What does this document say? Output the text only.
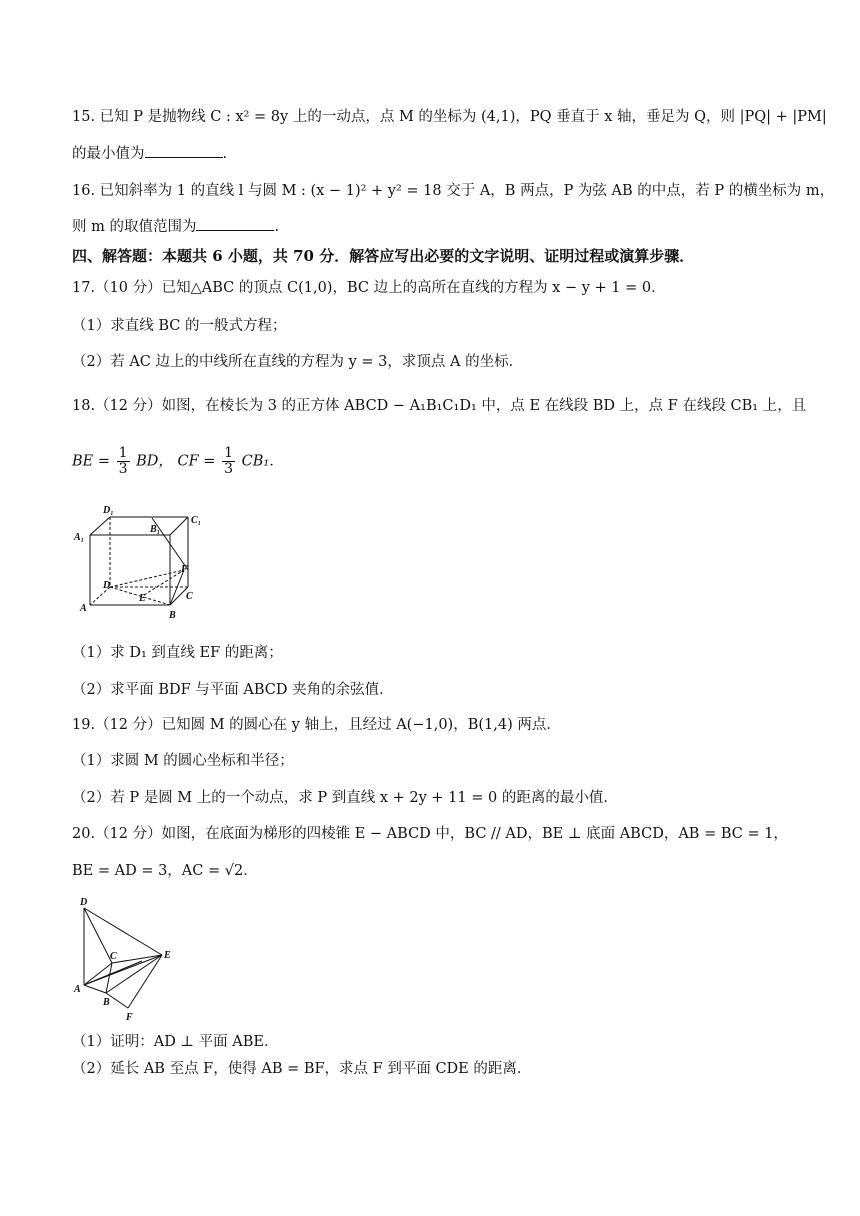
15. 已知 P 是抛物线 C : x² = 8y 上的一动点，点 M 的坐标为 (4,1)，PQ 垂直于 x 轴，垂足为 Q，则 |PQ| + |PM|
的最小值为	.
16. 已知斜率为 1 的直线 l 与圆 M : (x − 1)² + y² = 18 交于 A，B 两点，P 为弦 AB 的中点，若 P 的横坐标为 m，
则 m 的取值范围为	.
四、解答题：本题共 6 小题，共 70 分．解答应写出必要的文字说明、证明过程或演算步骤．
17.（10 分）已知△ABC 的顶点 C(1,0)，BC 边上的高所在直线的方程为 x − y + 1 = 0．
（1）求直线 BC 的一般式方程；
（2）若 AC 边上的中线所在直线的方程为 y = 3，求顶点 A 的坐标．
18.（12 分）如图，在棱长为 3 的正方体 ABCD − A₁B₁C₁D₁ 中，点 E 在线段 BD 上，点 F 在线段 CB₁ 上，且
BE = $\frac{1}{3}$ BD， CF = $\frac{1}{3} CB_1$．
D₁
B₁
C₁
A₁
D
F
E	C
A
B
（1）求 D₁ 到直线 EF 的距离；
（2）求平面 BDF 与平面 ABCD 夹角的余弦值．
19.（12 分）已知圆 M 的圆心在 y 轴上，且经过 A(−1,0)，B(1,4) 两点．
（1）求圆 M 的圆心坐标和半径；
（2）若 P 是圆 M 上的一个动点，求 P 到直线 x + 2y + 11 = 0 的距离的最小值．
20.（12 分）如图，在底面为梯形的四棱锥 E − ABCD 中，BC // AD，BE ⊥ 底面 ABCD，AB = BC = 1，
BE = AD = 3，AC = √2．
D
C	E
A
B
F
（1）证明：AD ⊥ 平面 ABE．
（2）延长 AB 至点 F，使得 AB = BF，求点 F 到平面 CDE 的距离．
